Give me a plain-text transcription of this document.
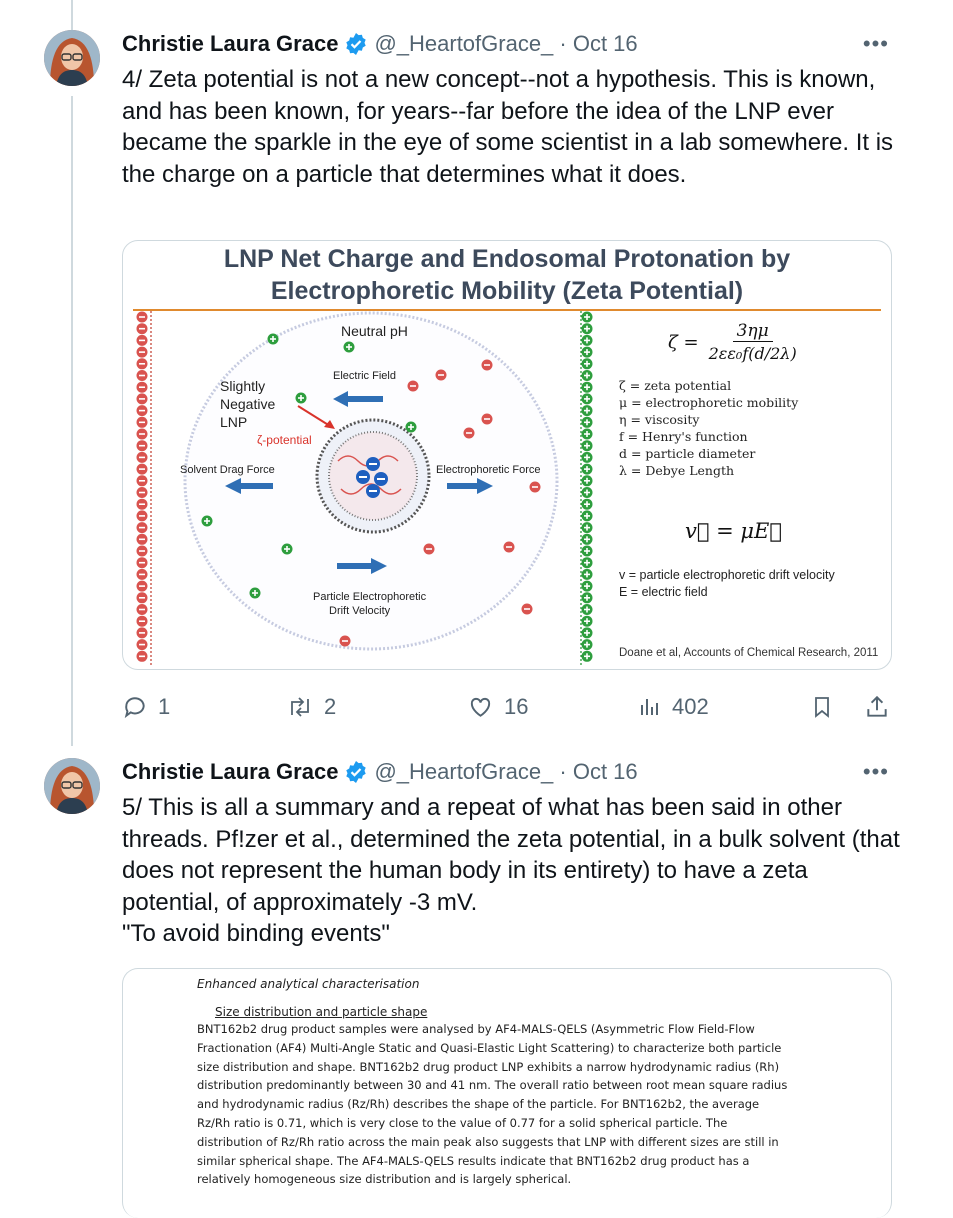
Christie Laura Grace @_HeartofGrace_ · Oct 16	•••
4/ Zeta potential is not a new concept--not a hypothesis. This is known, and has been known, for years--far before the idea of the LNP ever became the sparkle in the eye of some scientist in a lab somewhere. It is the charge on a particle that determines what it does.
LNP Net Charge and Endosomal Protonation by
Electrophoretic Mobility (Zeta Potential)
Neutral pH
Electric Field
Slightly
Negative
LNP
ζ-potential
Solvent Drag Force	Electrophoretic Force
Particle Electrophoretic
Drift Velocity
$\zeta = \frac{3\eta\mu}{\text{2εε₀f(d/2λ)}}$
ζ = zeta potential
μ = electrophoretic mobility
η = viscosity
f = Henry's function
d = particle diameter
λ = Debye Length
v⃗ = μE⃗
v = particle electrophoretic drift velocity
E = electric field
Doane et al, Accounts of Chemical Research, 2011
1	2	16	402
Christie Laura Grace @_HeartofGrace_ · Oct 16	•••
5/ This is all a summary and a repeat of what has been said in other threads. Pf!zer et al., determined the zeta potential, in a bulk solvent (that does not represent the human body in its entirety) to have a zeta potential, of approximately -3 mV.
"To avoid binding events"
Enhanced analytical characterisation
Size distribution and particle shape

BNT162b2 drug product samples were analysed by AF4-MALS-QELS (Asymmetric Flow Field-Flow
Fractionation (AF4) Multi-Angle Static and Quasi-Elastic Light Scattering) to characterize both particle
size distribution and shape. BNT162b2 drug product LNP exhibits a narrow hydrodynamic radius (Rh)
distribution predominantly between 30 and 41 nm. The overall ratio between root mean square radius
and hydrodynamic radius (Rz/Rh) describes the shape of the particle. For BNT162b2, the average
Rz/Rh ratio is 0.71, which is very close to the value of 0.77 for a solid spherical particle. The
distribution of Rz/Rh ratio across the main peak also suggests that LNP with different sizes are still in
similar spherical shape. The AF4-MALS-QELS results indicate that BNT162b2 drug product has a
relatively homogeneous size distribution and is largely spherical.
